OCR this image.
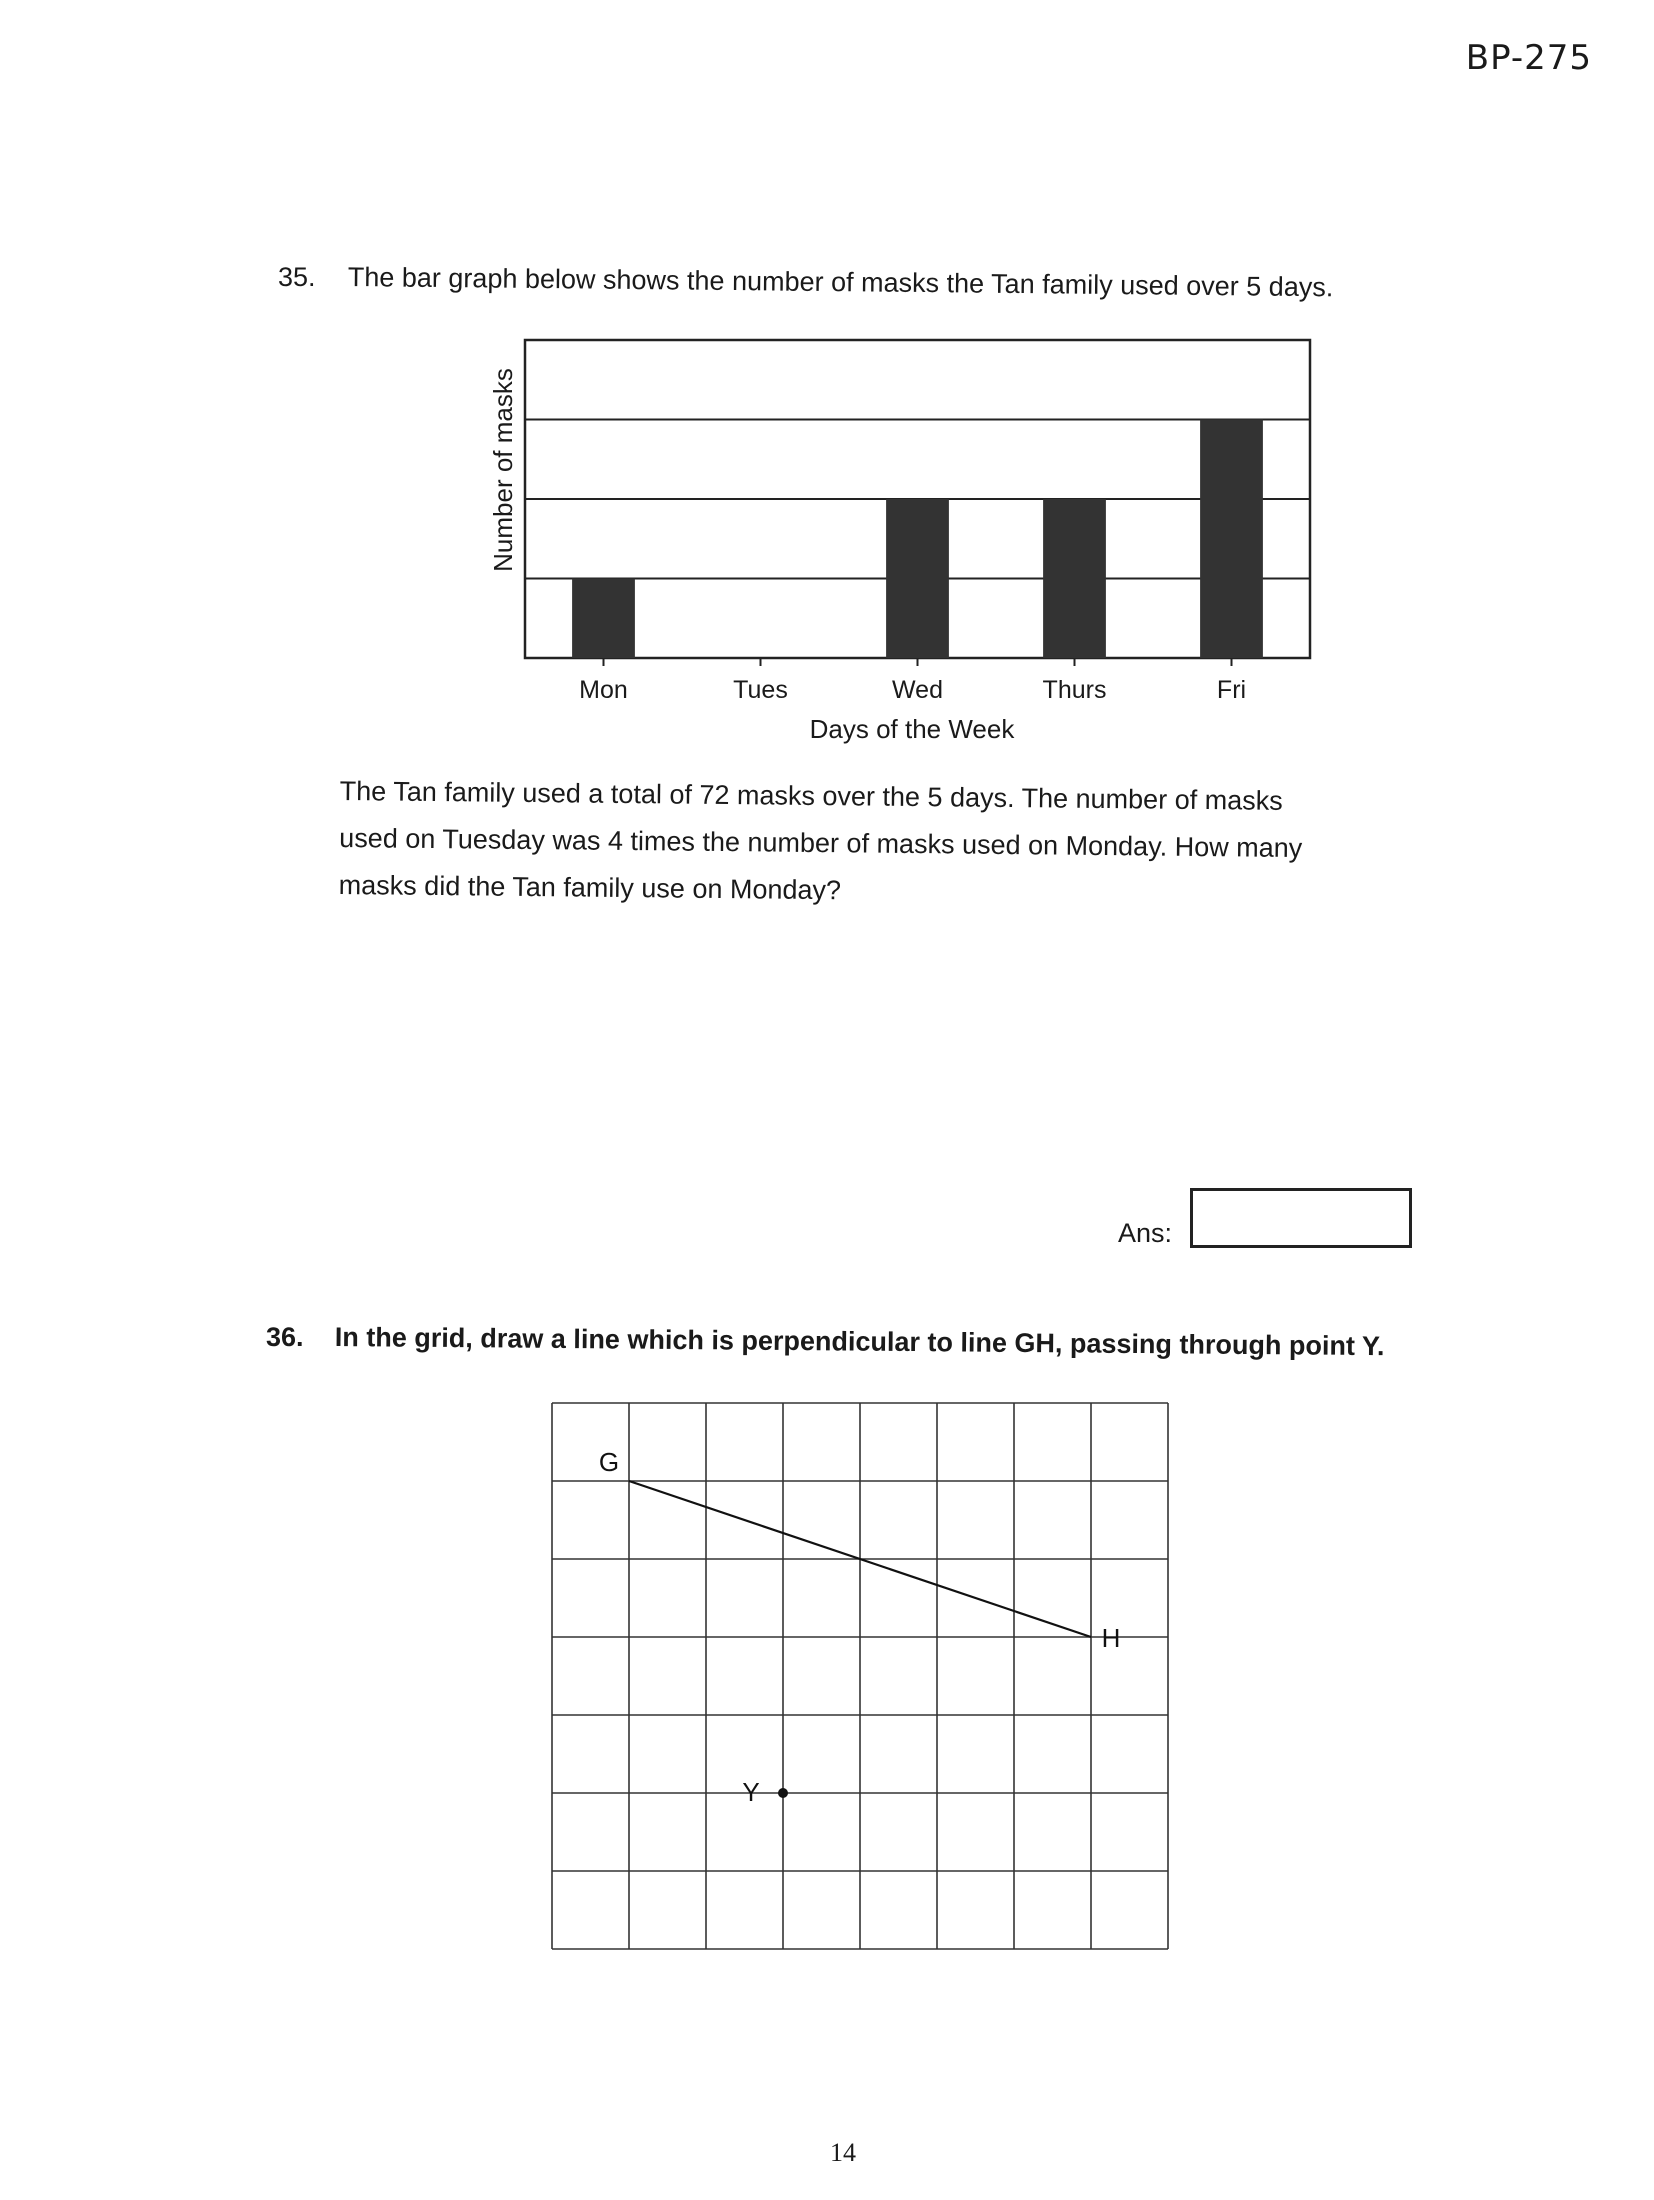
BP-275
35. The bar graph below shows the number of masks the Tan family used over 5 days.
Mon	Tues	Wed	Thurs	Fri
Days of the Week
Number of masks
The Tan family used a total of 72 masks over the 5 days. The number of masks
used on Tuesday was 4 times the number of masks used on Monday. How many
masks did the Tan family use on Monday?
Ans:
36. In the grid, draw a line which is perpendicular to line GH, passing through point Y.
G
H
Y
14
